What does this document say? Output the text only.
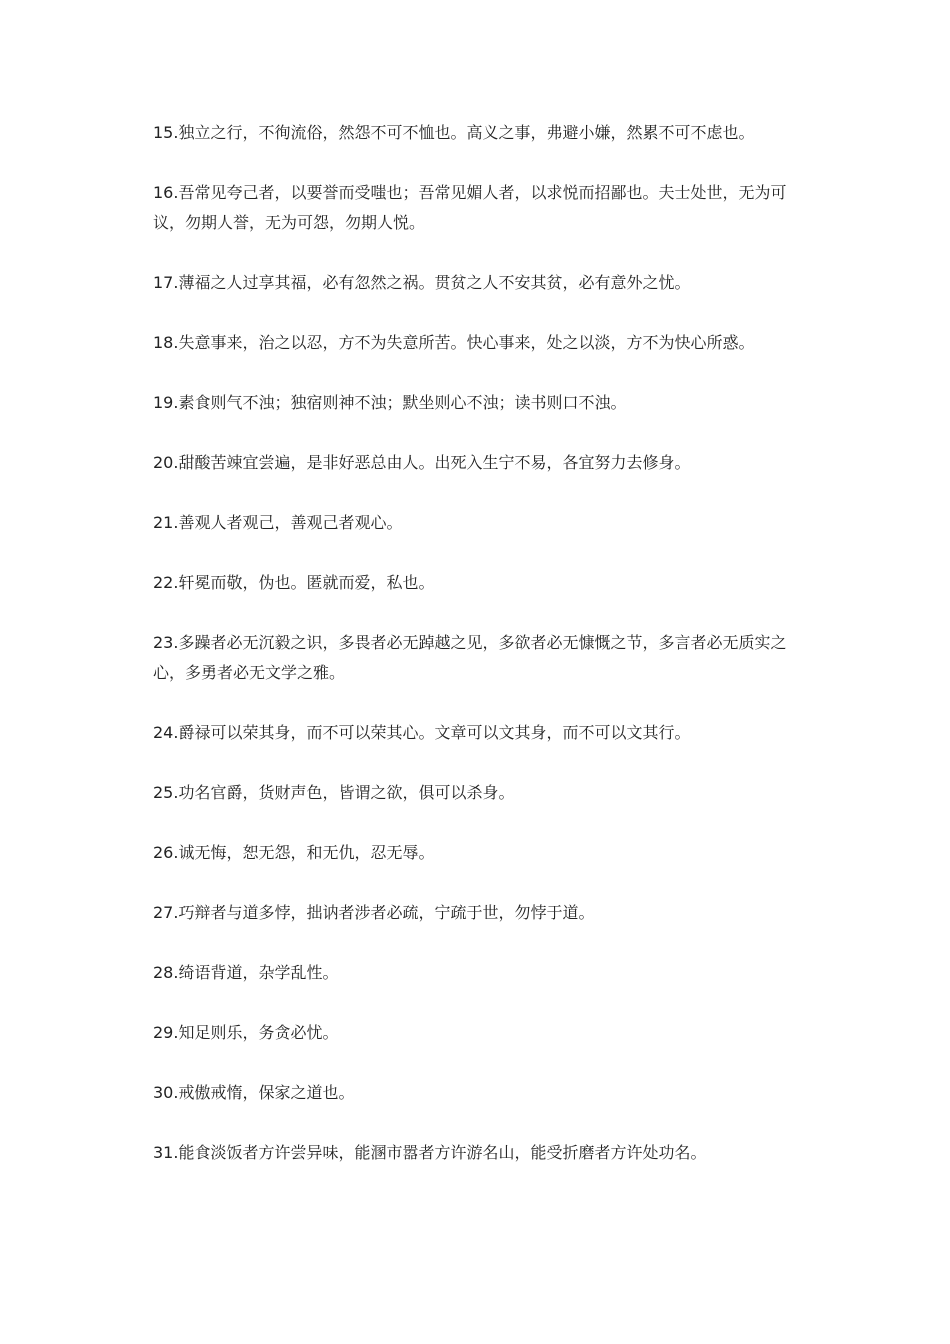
15.独立之行，不徇流俗，然怨不可不恤也。高义之事，弗避小嫌，然累不可不虑也。

16.吾常见夸己者，以要誉而受嗤也；吾常见媚人者，以求悦而招鄙也。夫士处世，无为可议，勿期人誉，无为可怨，勿期人悦。

17.薄福之人过享其福，必有忽然之祸。贯贫之人不安其贫，必有意外之忧。

18.失意事来，治之以忍，方不为失意所苦。快心事来，处之以淡，方不为快心所惑。

19.素食则气不浊；独宿则神不浊；默坐则心不浊；读书则口不浊。

20.甜酸苦竦宜尝遍，是非好恶总由人。出死入生宁不易，各宜努力去修身。

21.善观人者观己，善观己者观心。

22.轩冕而敬，伪也。匿就而爱，私也。

23.多躁者必无沉毅之识，多畏者必无踔越之见，多欲者必无慷慨之节，多言者必无质实之心，多勇者必无文学之雅。

24.爵禄可以荣其身，而不可以荣其心。文章可以文其身，而不可以文其行。

25.功名官爵，货财声色，皆谓之欲，俱可以杀身。

26.诚无悔，恕无怨，和无仇，忍无辱。

27.巧辩者与道多悖，拙讷者涉者必疏，宁疏于世，勿悖于道。

28.绮语背道，杂学乱性。

29.知足则乐，务贪必忧。

30.戒傲戒惰，保家之道也。

31.能食淡饭者方许尝异味，能溷市嚣者方许游名山，能受折磨者方许处功名。
